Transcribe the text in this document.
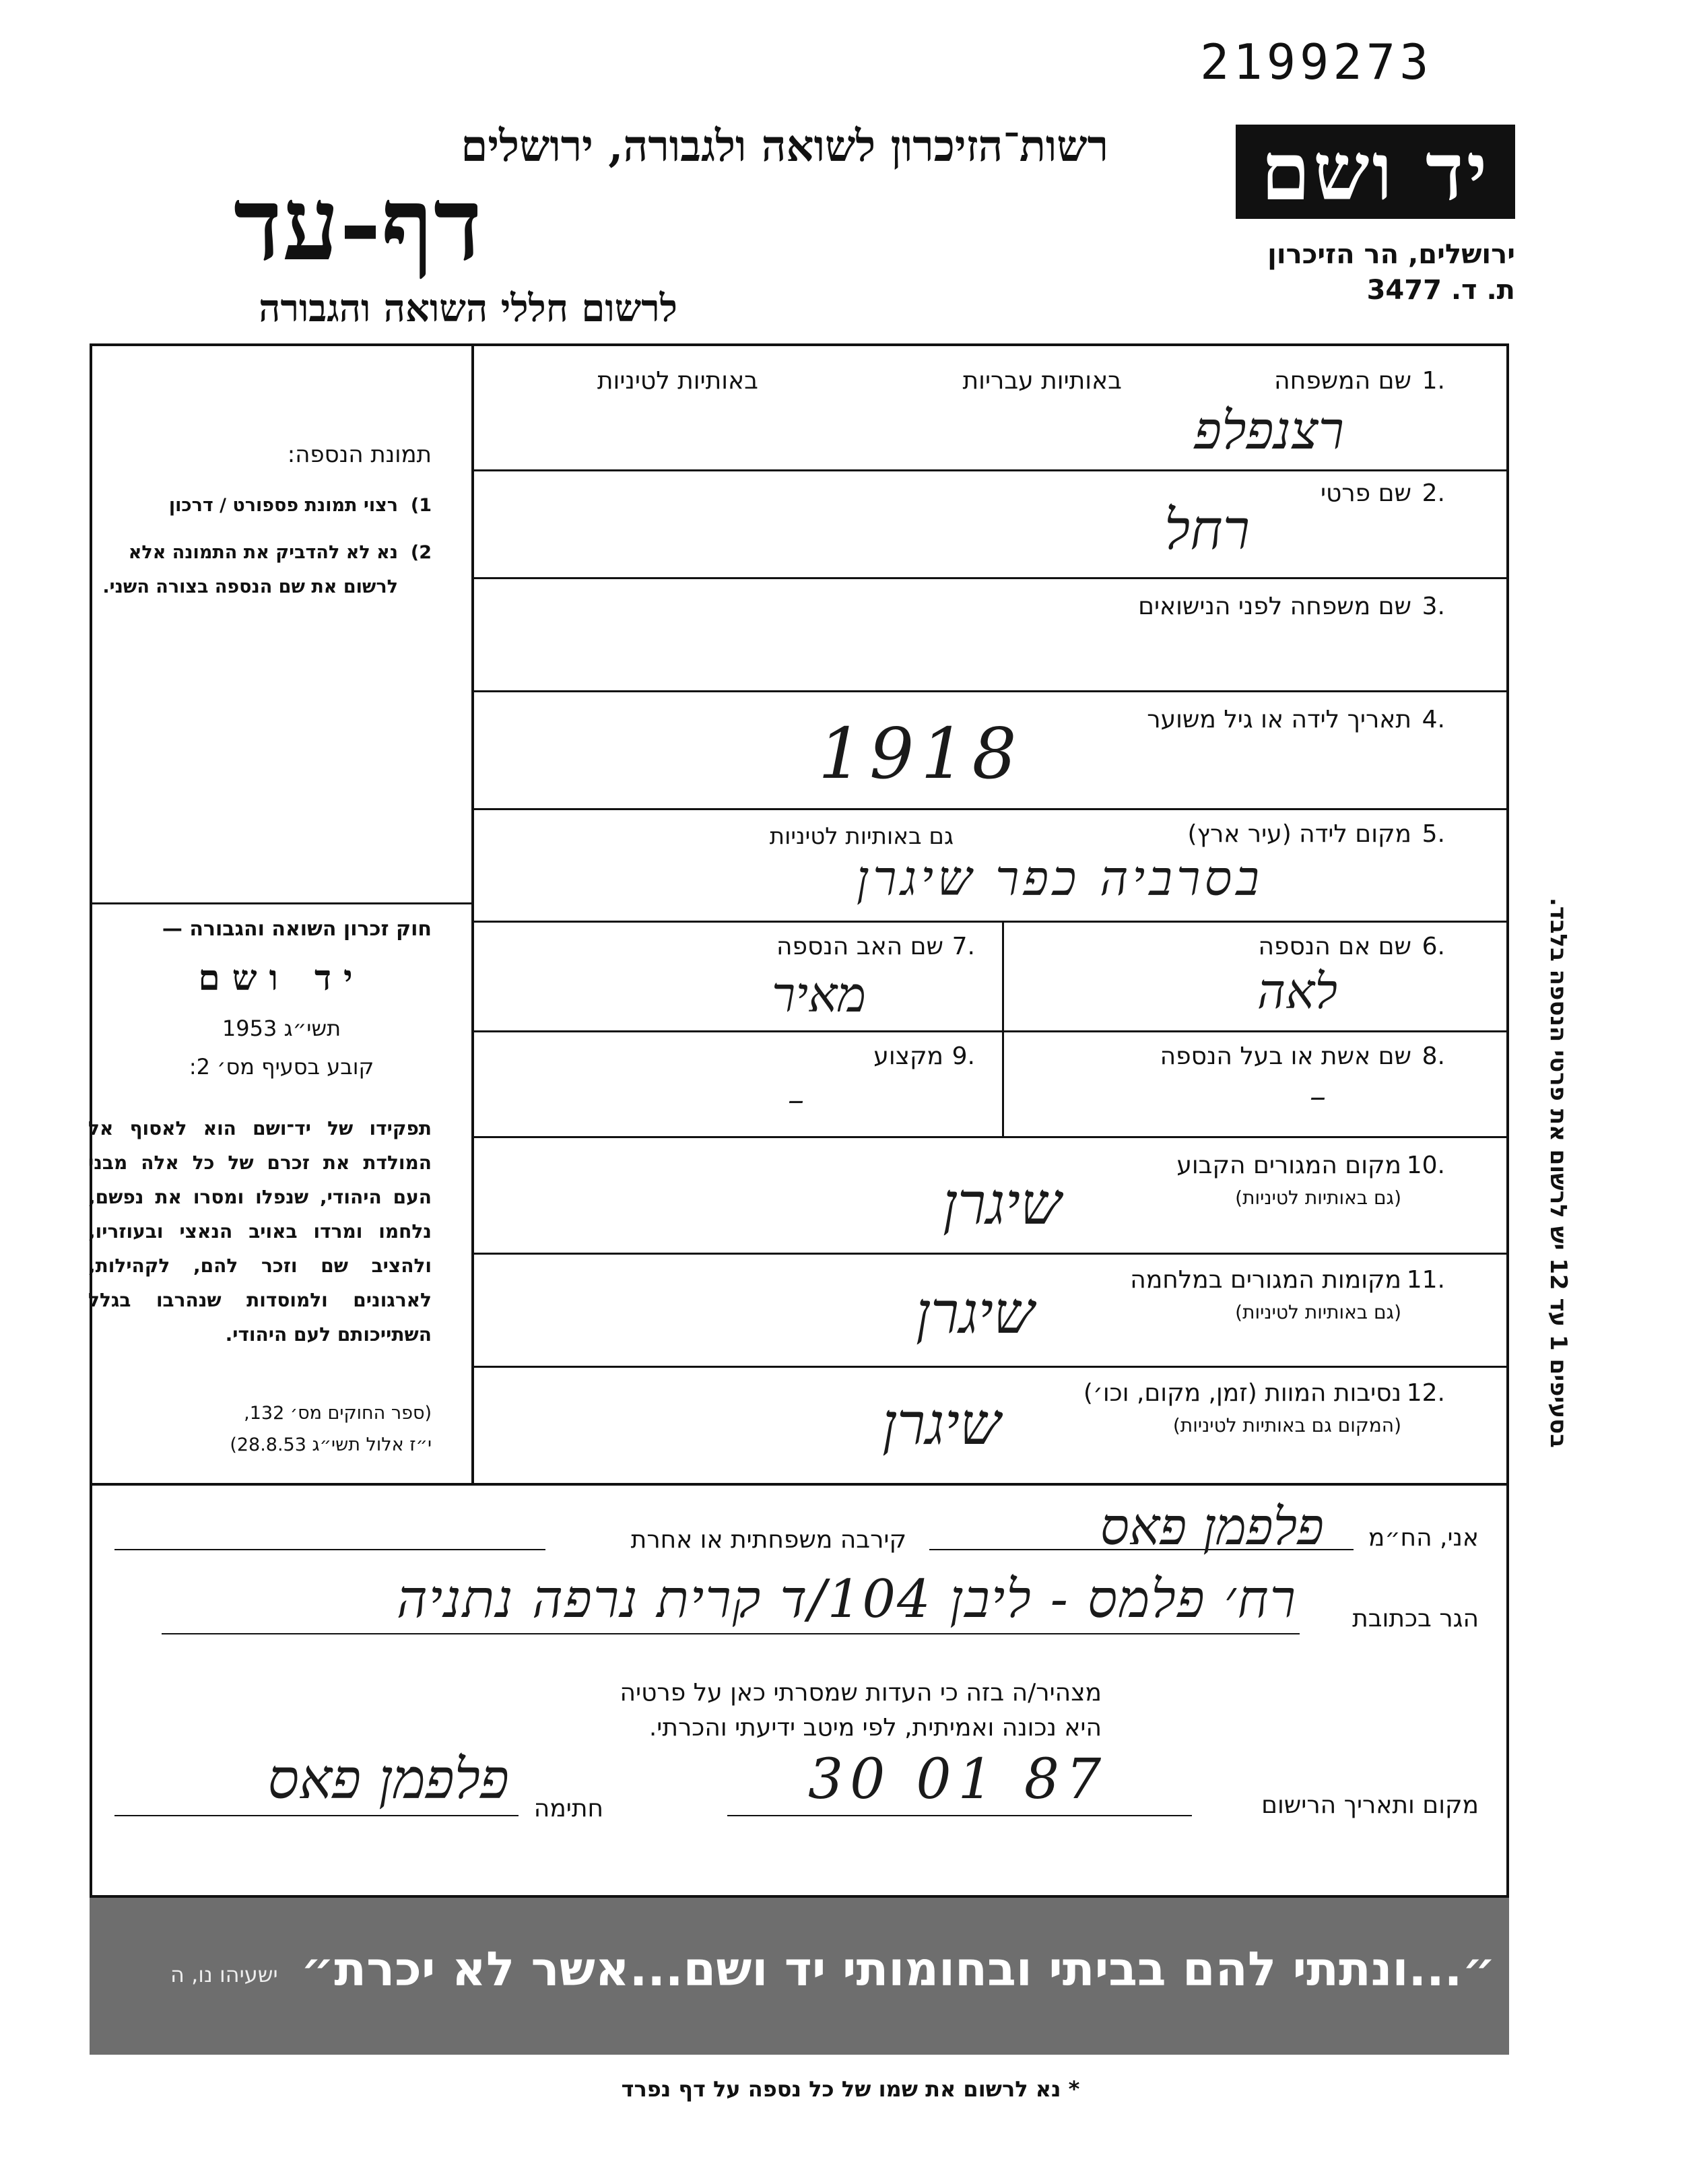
2199273
רשות־הזיכרון לשואה ולגבורה, ירושלים
דף-עד
לרשום חללי השואה והגבורה
יד ושם
ירושלים, הר הזיכרון
ת. ד. 3477
.1
שם המשפחה
באותיות עבריות
באותיות לטיניות
רצנפלפ
.2
שם פרטי
רחל
.3
שם משפחה לפני הנישואים
.4
תאריך לידה או גיל משוער
1918
.5
מקום לידה (עיר ארץ)
גם באותיות לטיניות
בסרביה כפר שיגרן
.6
שם אם הנספה
לאה
.7
שם האב הנספה
מאיר
.8
שם אשת או בעל הנספה
–
.9
מקצוע
–
.10
מקום המגורים הקבוע
(גם באותיות לטיניות)
שיגרן
.11
מקומות המגורים במלחמה
(גם באותיות לטיניות)
שיגרן
.12
נסיבות המוות (זמן, מקום, וכו׳)
(המקום גם באותיות לטיניות)
שיגרן
תמונת הנספה:
1)
רצוי תמונת פספורט / דרכון
2)
נא לא להדביק את התמונה אלא לרשום את שם הנספה בצורה השני.
חוק זכרון השואה והגבורה —
יד ושם
תשי״ג 1953
קובע בסעיף מס׳ 2:
תפקידו של יד־ושם הוא לאסוף אל המולדת את זכרם של כל אלה מבני העם היהודי, שנפלו ומסרו את נפשם, נלחמו ומרדו באויב הנאצי ובעוזריו, ולהציב שם וזכר להם, לקהילות, לארגונים ולמוסדות שנהרבו בגלל השתייכותם לעם היהודי.
(ספר החוקים מס׳ 132,
י״ז אלול תשי״ג 28.8.53)
בסעיפים 1 עד 12 יש לרשום את פרטי הנספה בלבד.
אני, הח״מ
פלפמן פאס
קירבה משפחתית או אחרת
הגר בכתובת
רח׳ פלמס - ליבן 104/ד קרית נרפה נתניה
מצהיר/ה בזה כי העדות שמסרתי כאן על פרטיה
היא נכונה ואמיתית, לפי מיטב ידיעתי והכרתי.
מקום ותאריך הרישום
30 01 87
חתימה
פלפמן פאס
״...ונתתי להם בביתי ובחומותי יד ושם...אשר לא יכרת״
ישעיהו נו, ה
* נא לרשום את שמו של כל נספה על דף נפרד
